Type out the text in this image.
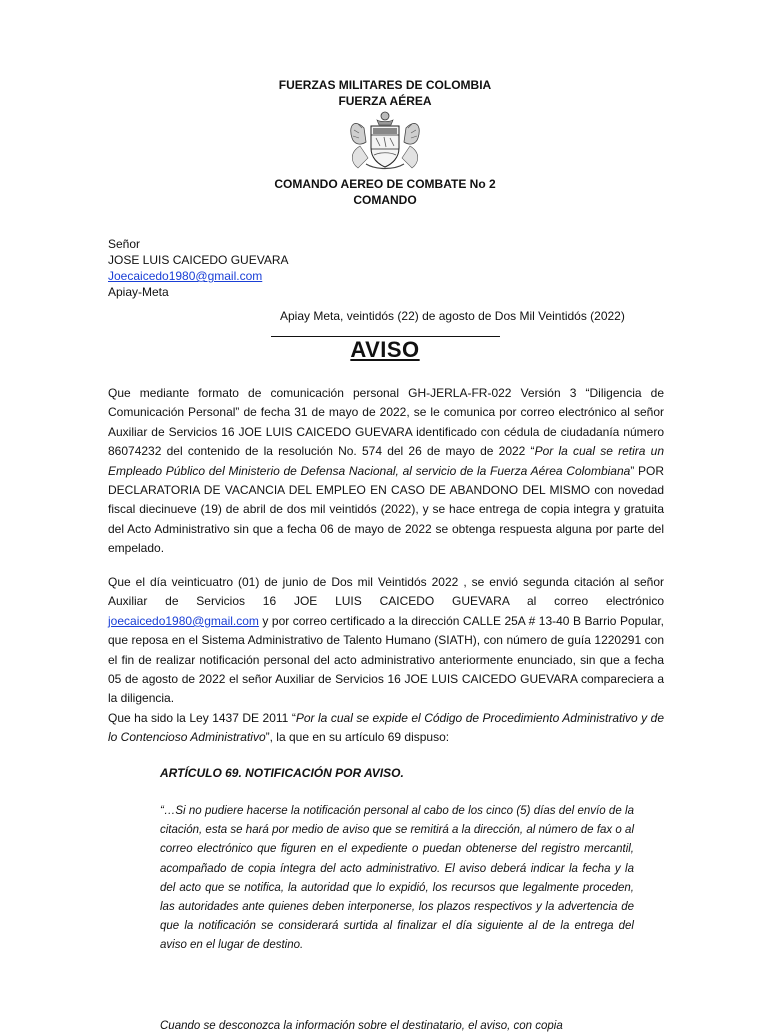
FUERZAS MILITARES DE COLOMBIA
FUERZA AÉREA
COMANDO AEREO DE COMBATE No 2
COMANDO
Señor
JOSE LUIS CAICEDO GUEVARA
Joecaicedo1980@gmail.com
Apiay-Meta
Apiay Meta, veintidós (22) de agosto de Dos Mil Veintidós (2022)
AVISO
Que mediante formato de comunicación personal GH-JERLA-FR-022 Versión 3 “Diligencia de Comunicación Personal” de fecha 31 de mayo de 2022, se le comunica por correo electrónico al señor Auxiliar de Servicios 16 JOE LUIS CAICEDO GUEVARA identificado con cédula de ciudadanía número 86074232 del contenido de la resolución No. 574 del 26 de mayo de 2022 “Por la cual se retira un Empleado Público del Ministerio de Defensa Nacional, al servicio de la Fuerza Aérea Colombiana” POR DECLARATORIA DE VACANCIA DEL EMPLEO EN CASO DE ABANDONO DEL MISMO con novedad fiscal diecinueve (19) de abril de dos mil veintidós (2022), y se hace entrega de copia integra y gratuita del Acto Administrativo sin que a fecha 06 de mayo de 2022 se obtenga respuesta alguna por parte del empelado.
Que el día veinticuatro (01) de junio de Dos mil Veintidós 2022 , se envió segunda citación al señor Auxiliar de Servicios 16 JOE LUIS CAICEDO GUEVARA al correo electrónico joecaicedo1980@gmail.com y por correo certificado a la dirección CALLE 25A # 13-40 B Barrio Popular, que reposa en el Sistema Administrativo de Talento Humano (SIATH), con número de guía 1220291 con el fin de realizar notificación personal del acto administrativo anteriormente enunciado, sin que a fecha 05 de agosto de 2022 el señor Auxiliar de Servicios 16 JOE LUIS CAICEDO GUEVARA compareciera a la diligencia.
Que ha sido la Ley 1437 DE 2011 “Por la cual se expide el Código de Procedimiento Administrativo y de lo Contencioso Administrativo”, la que en su artículo 69 dispuso:
ARTÍCULO 69. NOTIFICACIÓN POR AVISO.
“…Si no pudiere hacerse la notificación personal al cabo de los cinco (5) días del envío de la citación, esta se hará por medio de aviso que se remitirá a la dirección, al número de fax o al correo electrónico que figuren en el expediente o puedan obtenerse del registro mercantil, acompañado de copia íntegra del acto administrativo. El aviso deberá indicar la fecha y la del acto que se notifica, la autoridad que lo expidió, los recursos que legalmente proceden, las autoridades ante quienes deben interponerse, los plazos respectivos y la advertencia de que la notificación se considerará surtida al finalizar el día siguiente al de la entrega del aviso en el lugar de destino.
Cuando se desconozca la información sobre el destinatario, el aviso, con copia
